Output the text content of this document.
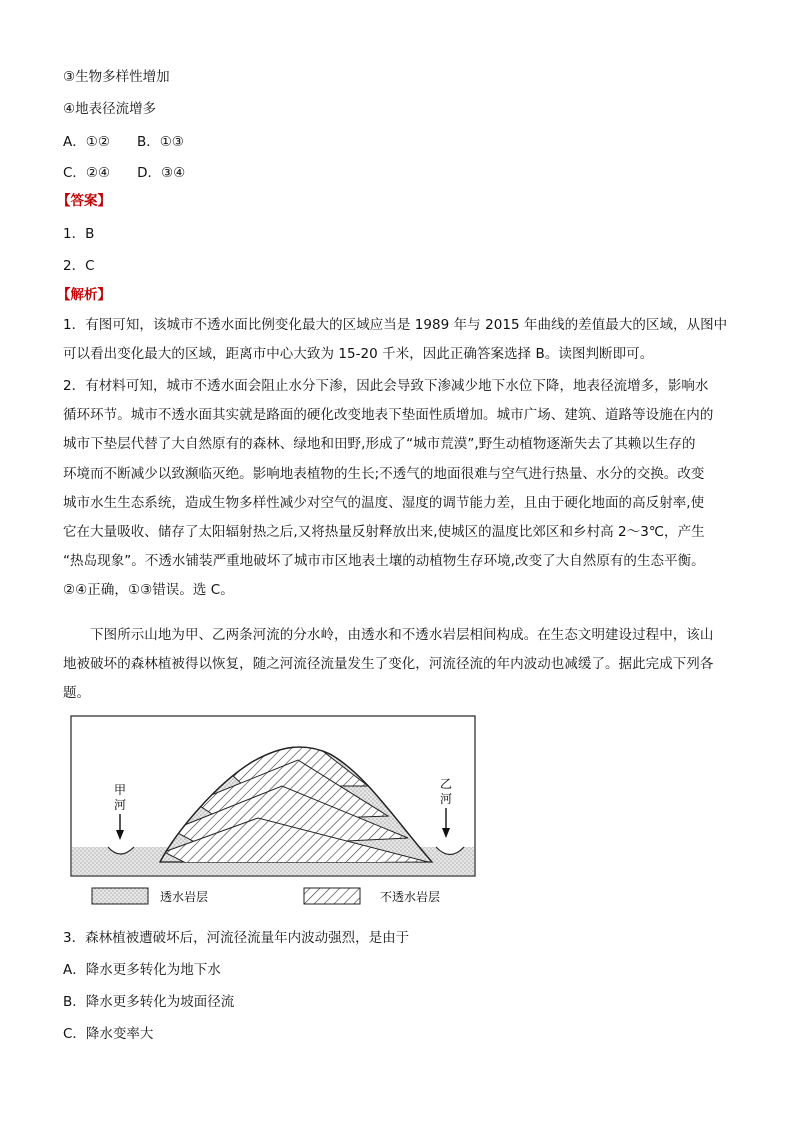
③生物多样性增加
④地表径流增多
A．①②　　B．①③
C．②④　　D．③④
【答案】
1．B
2．C
【解析】

1．有图可知，该城市不透水面比例变化最大的区域应当是 1989 年与 2015 年曲线的差值最大的区域，从图中

可以看出变化最大的区域，距离市中心大致为 15-20 千米，因此正确答案选择 B。读图判断即可。

2．有材料可知，城市不透水面会阻止水分下渗，因此会导致下渗减少地下水位下降，地表径流增多，影响水

循环环节。城市不透水面其实就是路面的硬化改变地表下垫面性质增加。城市广场、建筑、道路等设施在内的

城市下垫层代替了大自然原有的森林、绿地和田野,形成了“城市荒漠”,野生动植物逐渐失去了其赖以生存的

环境而不断减少以致濒临灭绝。影响地表植物的生长;不透气的地面很难与空气进行热量、水分的交换。改变

城市水生生态系统，造成生物多样性减少对空气的温度、湿度的调节能力差，且由于硬化地面的高反射率,使

它在大量吸收、储存了太阳辐射热之后,又将热量反射释放出来,使城区的温度比郊区和乡村高 2～3℃，产生

“热岛现象”。不透水铺装严重地破坏了城市市区地表土壤的动植物生存环境,改变了大自然原有的生态平衡。

②④正确，①③错误。选 C。

　　下图所示山地为甲、乙两条河流的分水岭，由透水和不透水岩层相间构成。在生态文明建设过程中，该山

地被破坏的森林植被得以恢复，随之河流径流量发生了变化，河流径流的年内波动也减缓了。据此完成下列各

题。

甲
河
乙
河
透水岩层	不透水岩层
3．森林植被遭破坏后，河流径流量年内波动强烈，是由于
A．降水更多转化为地下水
B．降水更多转化为坡面径流
C．降水变率大
